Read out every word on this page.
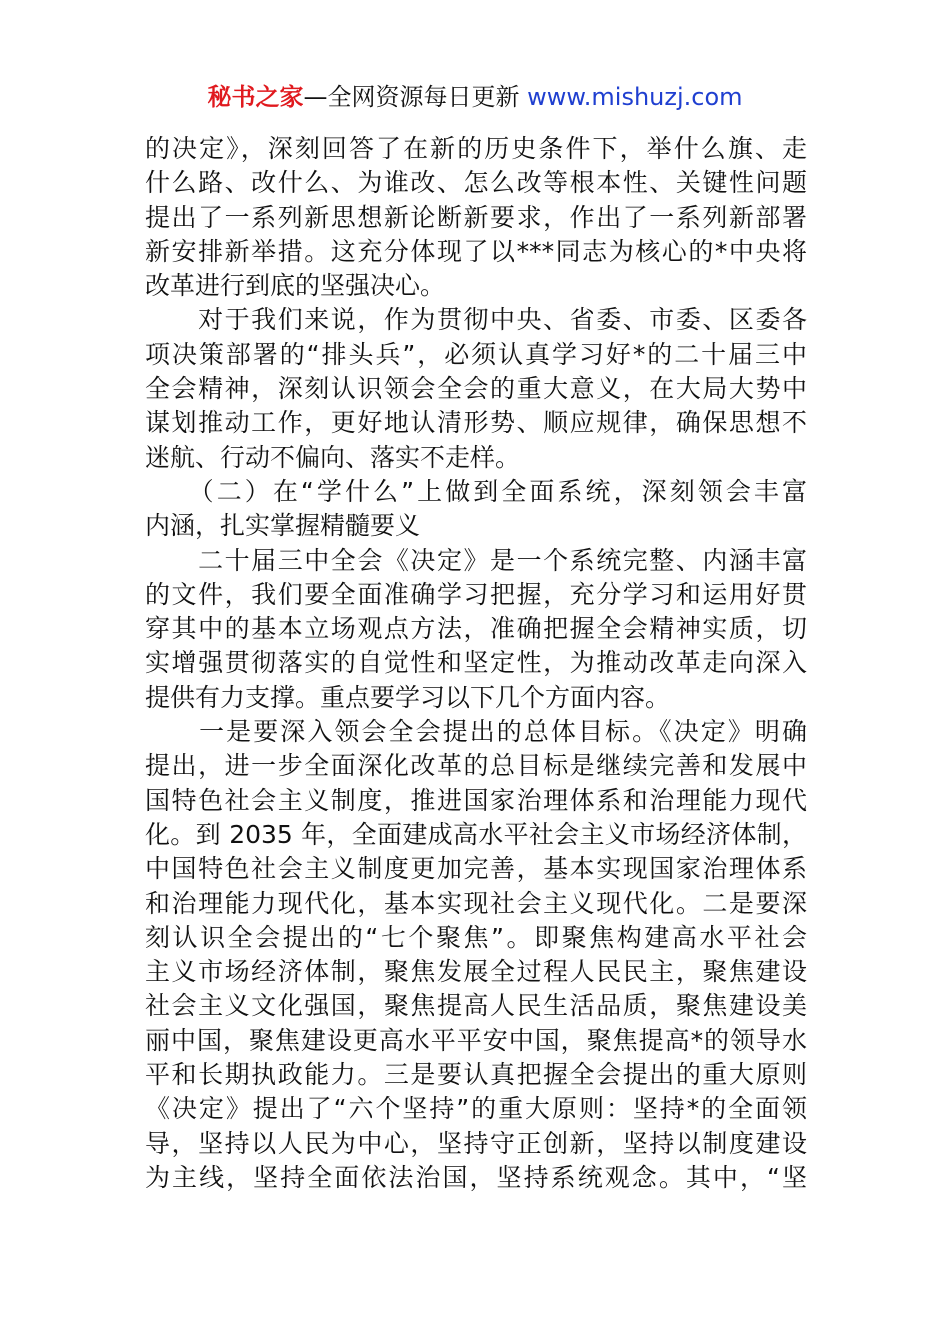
秘书之家—全网资源每日更新 www.mishuzj.com
的决定》，深刻回答了在新的历史条件下，举什么旗、走
什么路、改什么、为谁改、怎么改等根本性、关键性问题
提出了一系列新思想新论断新要求，作出了一系列新部署
新安排新举措。这充分体现了以***同志为核心的*中央将
改革进行到底的坚强决心。
　　对于我们来说，作为贯彻中央、省委、市委、区委各
项决策部署的“排头兵”，必须认真学习好*的二十届三中
全会精神，深刻认识领会全会的重大意义，在大局大势中
谋划推动工作，更好地认清形势、顺应规律，确保思想不
迷航、行动不偏向、落实不走样。
　　（二）在“学什么”上做到全面系统，深刻领会丰富
内涵，扎实掌握精髓要义
　　二十届三中全会《决定》是一个系统完整、内涵丰富
的文件，我们要全面准确学习把握，充分学习和运用好贯
穿其中的基本立场观点方法，准确把握全会精神实质，切
实增强贯彻落实的自觉性和坚定性，为推动改革走向深入
提供有力支撑。重点要学习以下几个方面内容。
　　一是要深入领会全会提出的总体目标。《决定》明确
提出，进一步全面深化改革的总目标是继续完善和发展中
国特色社会主义制度，推进国家治理体系和治理能力现代
化。到 2035 年，全面建成高水平社会主义市场经济体制，
中国特色社会主义制度更加完善，基本实现国家治理体系
和治理能力现代化，基本实现社会主义现代化。二是要深
刻认识全会提出的“七个聚焦”。即聚焦构建高水平社会
主义市场经济体制，聚焦发展全过程人民民主，聚焦建设
社会主义文化强国，聚焦提高人民生活品质，聚焦建设美
丽中国，聚焦建设更高水平平安中国，聚焦提高*的领导水
平和长期执政能力。三是要认真把握全会提出的重大原则
《决定》提出了“六个坚持”的重大原则：坚持*的全面领
导，坚持以人民为中心，坚持守正创新，坚持以制度建设
为主线，坚持全面依法治国，坚持系统观念。其中，“坚
